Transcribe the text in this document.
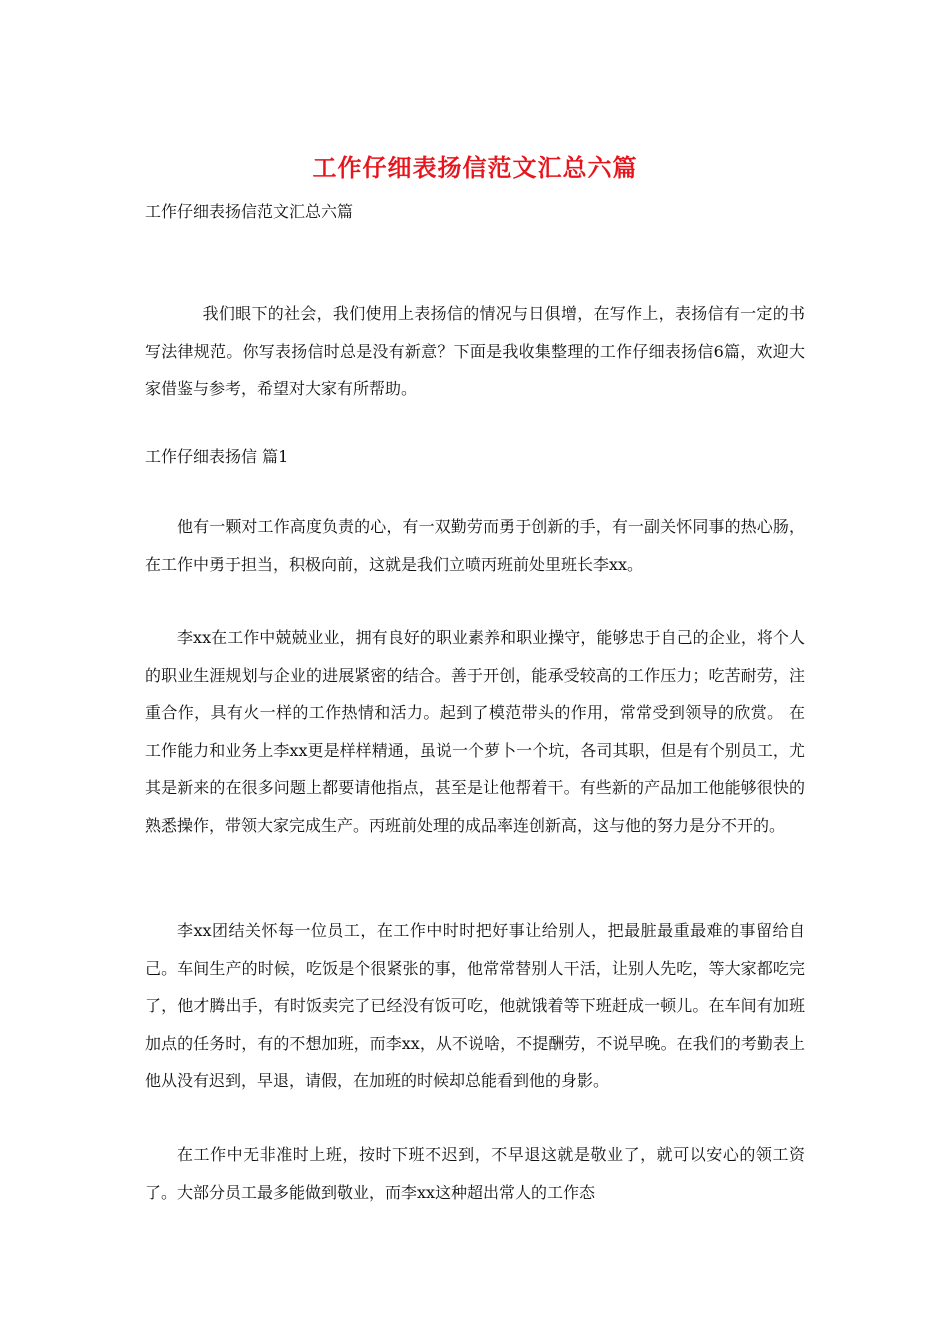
工作仔细表扬信范文汇总六篇
工作仔细表扬信范文汇总六篇

我们眼下的社会，我们使用上表扬信的情况与日俱增，在写作上，表扬信有一定的书写法律规范。你写表扬信时总是没有新意？下面是我收集整理的工作仔细表扬信6篇，欢迎大家借鉴与参考，希望对大家有所帮助。

工作仔细表扬信 篇1

他有一颗对工作高度负责的心，有一双勤劳而勇于创新的手，有一副关怀同事的热心肠，在工作中勇于担当，积极向前，这就是我们立喷丙班前处里班长李xx。

李xx在工作中兢兢业业，拥有良好的职业素养和职业操守，能够忠于自己的企业，将个人的职业生涯规划与企业的进展紧密的结合。善于开创，能承受较高的工作压力；吃苦耐劳，注重合作，具有火一样的工作热情和活力。起到了模范带头的作用，常常受到领导的欣赏。 在工作能力和业务上李xx更是样样精通，虽说一个萝卜一个坑，各司其职，但是有个别员工，尤其是新来的在很多问题上都要请他指点，甚至是让他帮着干。有些新的产品加工他能够很快的熟悉操作，带领大家完成生产。丙班前处理的成品率连创新高，这与他的努力是分不开的。

李xx团结关怀每一位员工，在工作中时时把好事让给别人，把最脏最重最难的事留给自己。车间生产的时候，吃饭是个很紧张的事，他常常替别人干活，让别人先吃，等大家都吃完了，他才腾出手，有时饭卖完了已经没有饭可吃，他就饿着等下班赶成一顿儿。在车间有加班加点的任务时，有的不想加班，而李xx，从不说啥，不提酬劳，不说早晚。在我们的考勤表上他从没有迟到，早退，请假，在加班的时候却总能看到他的身影。

在工作中无非准时上班，按时下班不迟到，不早退这就是敬业了，就可以安心的领工资了。大部分员工最多能做到敬业，而李xx这种超出常人的工作态
